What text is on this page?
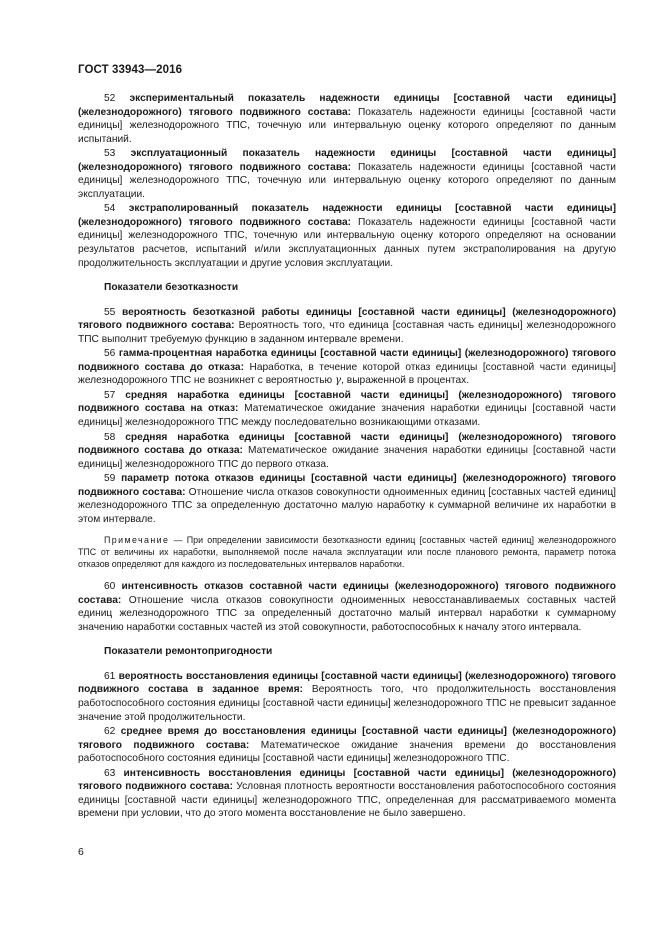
ГОСТ 33943—2016

52 экспериментальный показатель надежности единицы [составной части единицы] (железнодорожного) тягового подвижного состава: Показатель надежности единицы [составной части единицы] железнодорожного ТПС, точечную или интервальную оценку которого определяют по данным испытаний.

53 эксплуатационный показатель надежности единицы [составной части единицы] (железнодорожного) тягового подвижного состава: Показатель надежности единицы [составной части единицы] железнодорожного ТПС, точечную или интервальную оценку которого определяют по данным эксплуатации.

54 экстраполированный показатель надежности единицы [составной части единицы] (железнодорожного) тягового подвижного состава: Показатель надежности единицы [составной части единицы] железнодорожного ТПС, точечную или интервальную оценку которого определяют на основании результатов расчетов, испытаний и/или эксплуатационных данных путем экстраполирования на другую продолжительность эксплуатации и другие условия эксплуатации.

Показатели безотказности

55 вероятность безотказной работы единицы [составной части единицы] (железнодорожного) тягового подвижного состава: Вероятность того, что единица [составная часть единицы] железнодорожного ТПС выполнит требуемую функцию в заданном интервале времени.

56 гамма-процентная наработка единицы [составной части единицы] (железнодорожного) тягового подвижного состава до отказа: Наработка, в течение которой отказ единицы [составной части единицы] железнодорожного ТПС не возникнет с вероятностью γ, выраженной в процентах.

57 средняя наработка единицы [составной части единицы] (железнодорожного) тягового подвижного состава на отказ: Математическое ожидание значения наработки единицы [составной части единицы] железнодорожного ТПС между последовательно возникающими отказами.

58 средняя наработка единицы [составной части единицы] (железнодорожного) тягового подвижного состава до отказа: Математическое ожидание значения наработки единицы [составной части единицы] железнодорожного ТПС до первого отказа.

59 параметр потока отказов единицы [составной части единицы] (железнодорожного) тягового подвижного состава: Отношение числа отказов совокупности одноименных единиц [составных частей единиц] железнодорожного ТПС за определенную достаточно малую наработку к суммарной величине их наработки в этом интервале.

Примечание — При определении зависимости безотказности единиц [составных частей единиц] железнодорожного ТПС от величины их наработки, выполняемой после начала эксплуатации или после планового ремонта, параметр потока отказов определяют для каждого из последовательных интервалов наработки.

60 интенсивность отказов составной части единицы (железнодорожного) тягового подвижного состава: Отношение числа отказов совокупности одноименных невосстанавливаемых составных частей единиц железнодорожного ТПС за определенный достаточно малый интервал наработки к суммарному значению наработки составных частей из этой совокупности, работоспособных к началу этого интервала.

Показатели ремонтопригодности

61 вероятность восстановления единицы [составной части единицы] (железнодорожного) тягового подвижного состава в заданное время: Вероятность того, что продолжительность восстановления работоспособного состояния единицы [составной части единицы] железнодорожного ТПС не превысит заданное значение этой продолжительности.

62 среднее время до восстановления единицы [составной части единицы] (железнодорожного) тягового подвижного состава: Математическое ожидание значения времени до восстановления работоспособного состояния единицы [составной части единицы] железнодорожного ТПС.

63 интенсивность восстановления единицы [составной части единицы] (железнодорожного) тягового подвижного состава: Условная плотность вероятности восстановления работоспособного состояния единицы [составной части единицы] железнодорожного ТПС, определенная для рассматриваемого момента времени при условии, что до этого момента восстановление не было завершено.

6
